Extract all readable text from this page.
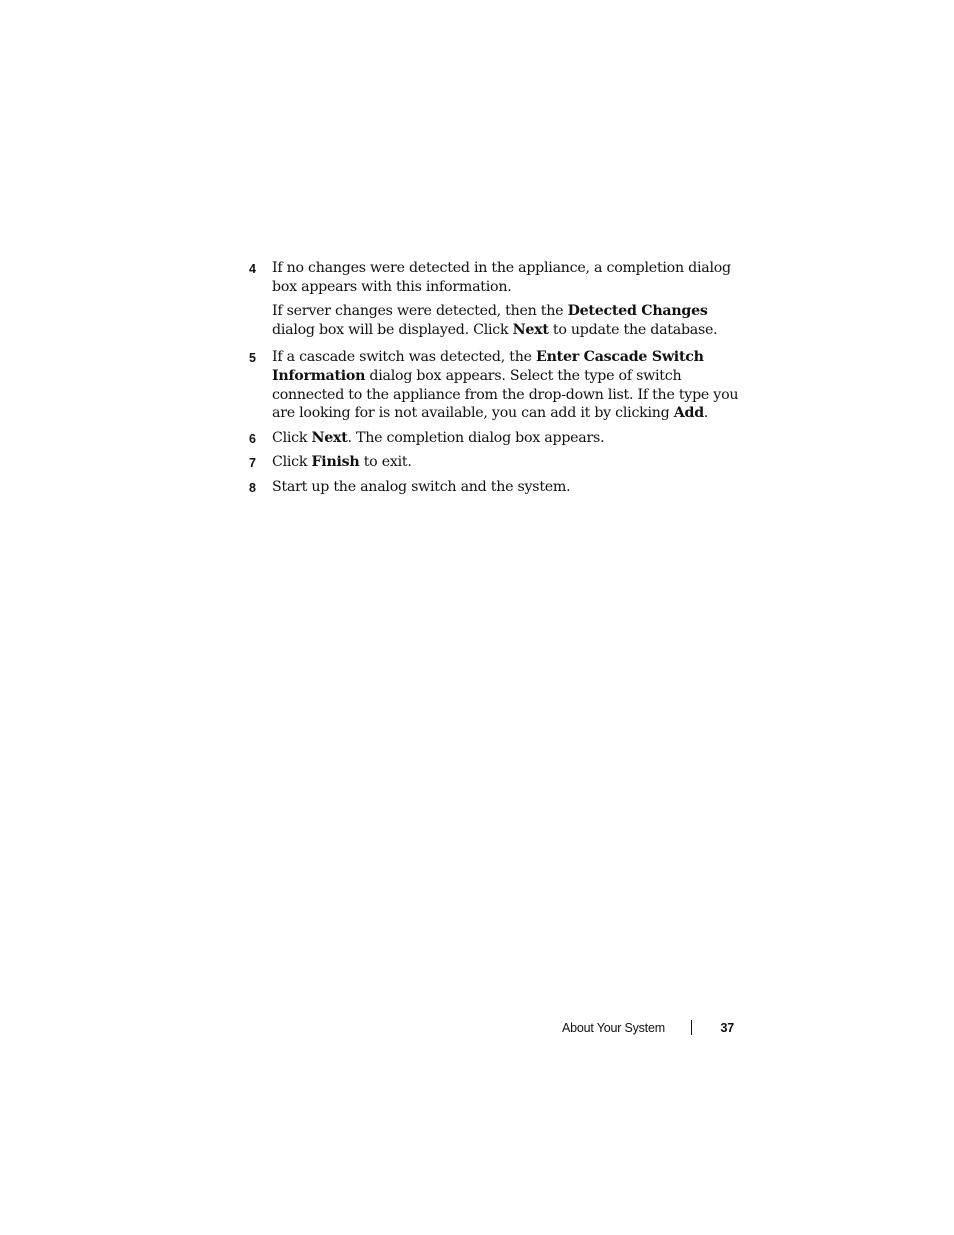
4 If no changes were detected in the appliance, a completion dialog box appears with this information.

If server changes were detected, then the Detected Changes dialog box will be displayed. Click Next to update the database.

5 If a cascade switch was detected, the Enter Cascade Switch Information dialog box appears. Select the type of switch connected to the appliance from the drop-down list. If the type you are looking for is not available, you can add it by clicking Add.

6 Click Next. The completion dialog box appears.

7 Click Finish to exit.

8 Start up the analog switch and the system.

About Your System	37
